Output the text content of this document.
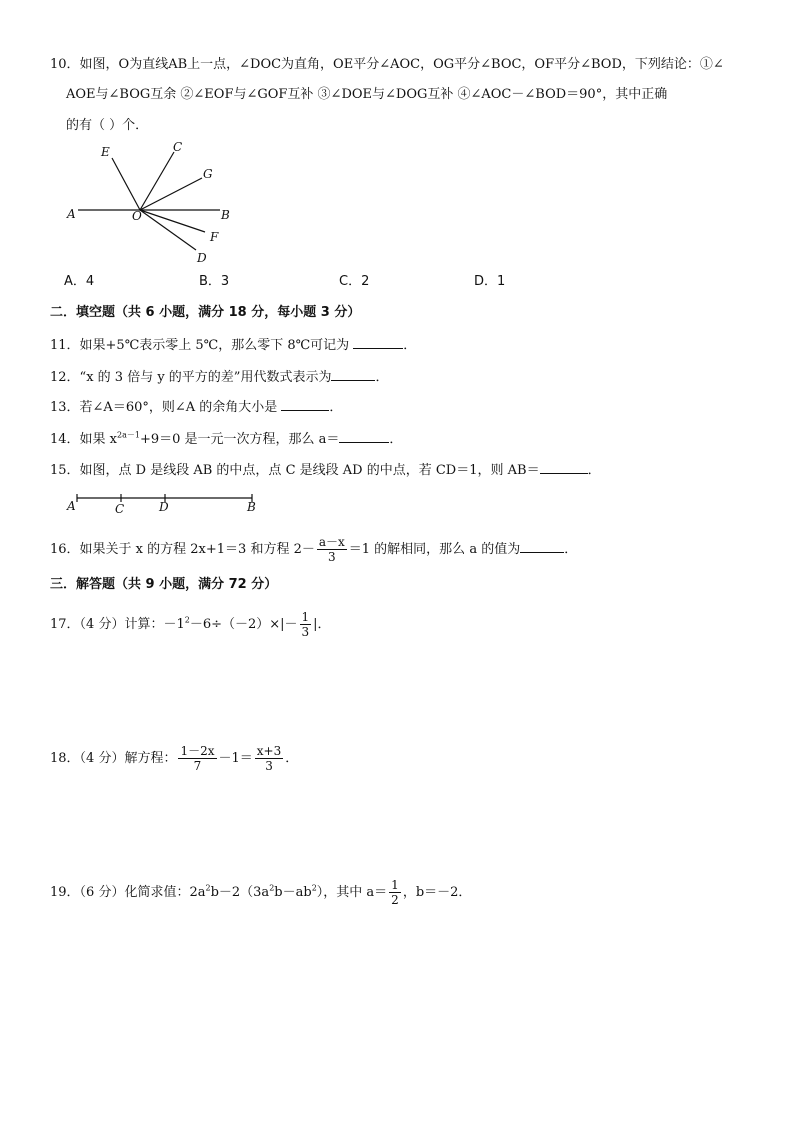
10．如图，O为直线AB上一点，∠DOC为直角，OE平分∠AOC，OG平分∠BOC，OF平分∠BOD，下列结论：①∠
AOE与∠BOG互余 ②∠EOF与∠GOF互补 ③∠DOE与∠DOG互补 ④∠AOC－∠BOD＝90°，其中正确
的有（ ）个．
E	C
G
A	O	B
F
D
A．4	B．3	C．2	D．1
二．填空题（共 6 小题，满分 18 分，每小题 3 分）
11．如果+5℃表示零上 5℃，那么零下 8℃可记为	．
12．“x 的 3 倍与 y 的平方的差”用代数式表示为	．
13．若∠A＝60°，则∠A 的余角大小是	．
14．如果 $x^{2a-1}+9=0$ 是一元一次方程，那么 a＝	．
15．如图，点 D 是线段 AB 的中点，点 C 是线段 AD 的中点，若 CD＝1，则 AB＝	．
A	C	D	B
16．如果关于 x 的方程 2x+1＝3 和方程 $2- \frac{a-x}{3} =1$ 的解相同，那么 a 的值为	．
三．解答题（共 9 小题，满分 72 分）
17．（4 分）计算：$-1^2-6\div(-2)\times|- \frac{1}{3}$ |．
18．（4 分）解方程： $\frac{1-2x}{7} -1= \frac{x+3}{3}$ ．
19．（6 分）化简求值：$2a^2b-2(3a^2b-ab^2)$，其中 $a= \frac{1}{2}$ ，b＝－2．
